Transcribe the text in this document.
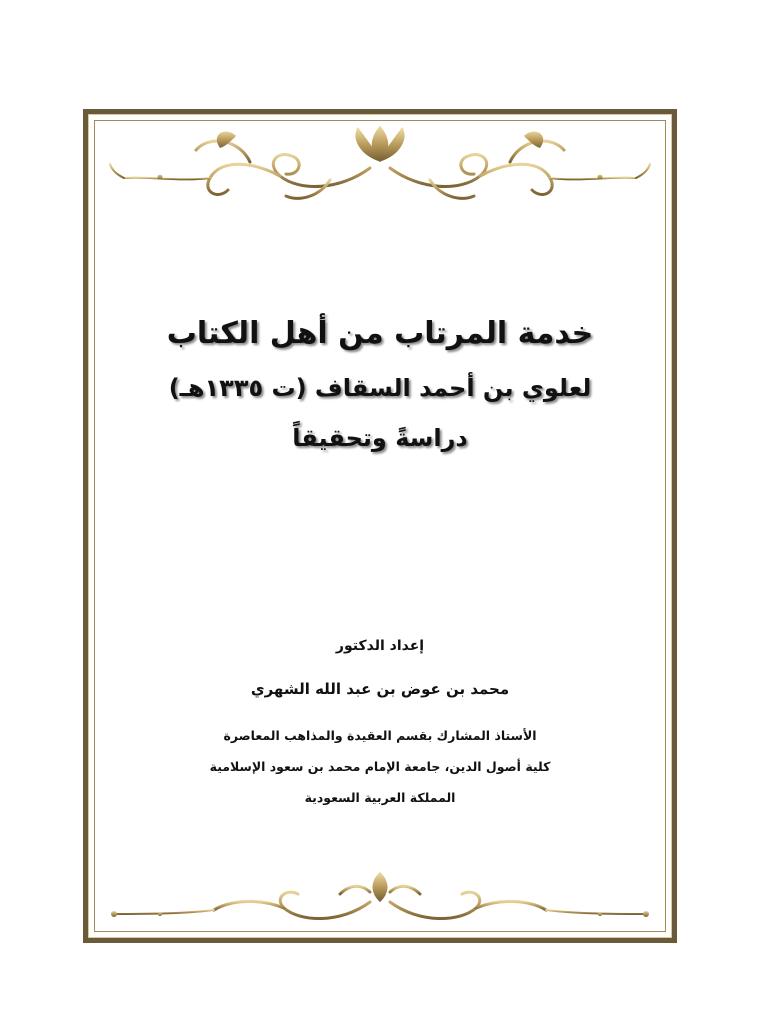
خدمة المرتاب من أهل الكتاب
لعلوي بن أحمد السقاف (ت ١٣٣٥هـ)
دراسةً وتحقيقاً
إعداد الدكتور
محمد بن عوض بن عبد الله الشهري
الأستاذ المشارك بقسم العقيدة والمذاهب المعاصرة
كلية أصول الدين، جامعة الإمام محمد بن سعود الإسلامية
المملكة العربية السعودية
